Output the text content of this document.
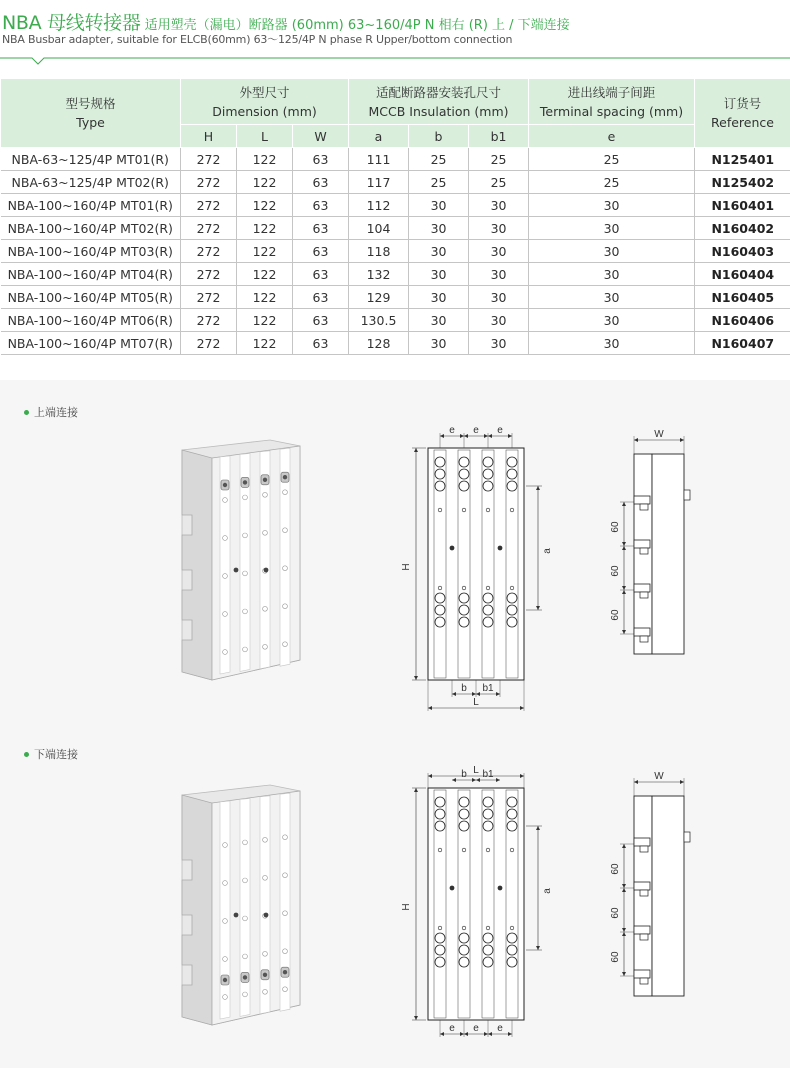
NBA 母线转接器 适用塑壳（漏电）断路器 (60mm) 63~160/4P N 相右 (R) 上 / 下端连接
NBA Busbar adapter, suitable for ELCB(60mm) 63～125/4P N phase R Upper/bottom connection
型号规格
Type	外型尺寸
Dimension (mm)			适配断路器安装孔尺寸
MCCB Insulation (mm)			进出线端子间距
Terminal spacing (mm)	订货号
Reference

	H	L	W	a	b	b1	e	
NBA-63~125/4P MT01(R)	272	122	63	111	25	25	25	N125401
NBA-63~125/4P MT02(R)	272	122	63	117	25	25	25	N125402
NBA-100~160/4P MT01(R)	272	122	63	112	30	30	30	N160401
NBA-100~160/4P MT02(R)	272	122	63	104	30	30	30	N160402
NBA-100~160/4P MT03(R)	272	122	63	118	30	30	30	N160403
NBA-100~160/4P MT04(R)	272	122	63	132	30	30	30	N160404
NBA-100~160/4P MT05(R)	272	122	63	129	30	30	30	N160405
NBA-100~160/4P MT06(R)	272	122	63	130.5	30	30	30	N160406
NBA-100~160/4P MT07(R)	272	122	63	128	30	30	30	N160407
上端连接
下端连接
H
a
e e e
b b1
L
W
60
60
60
H
a
L
b b1
e e e
W
60
60
60
